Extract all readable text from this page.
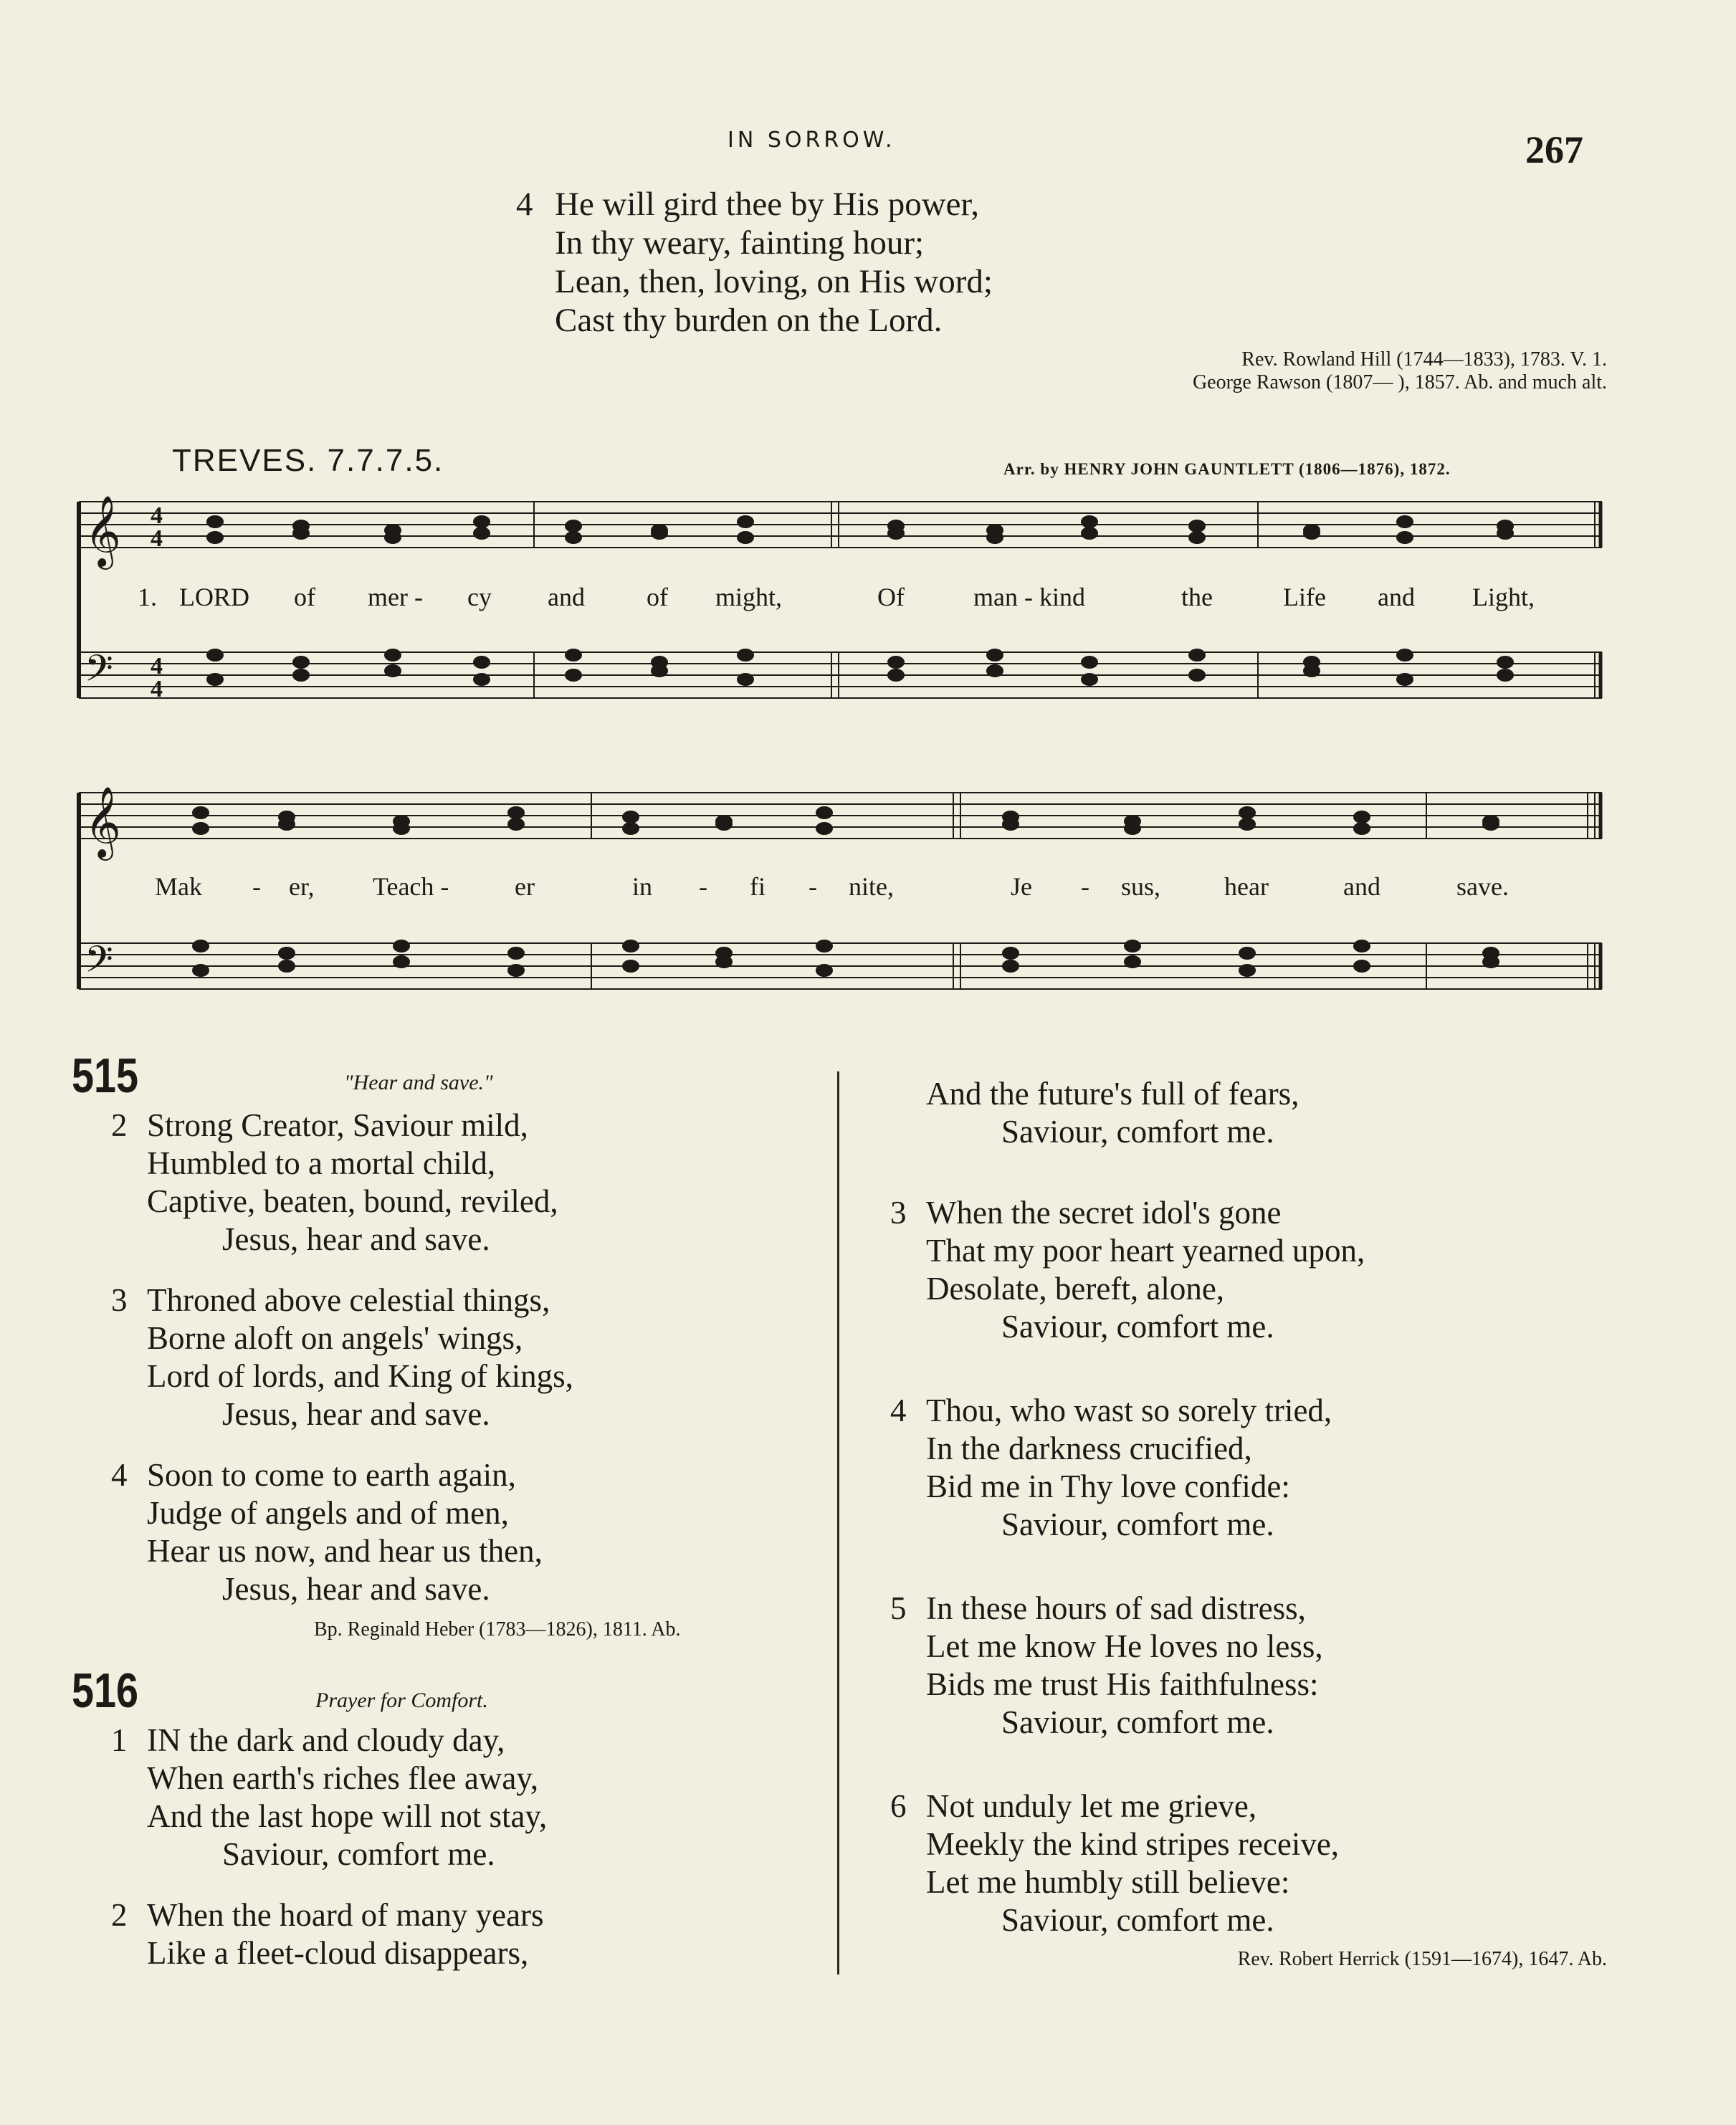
IN SORROW.	267
4 He will gird thee by His power,
In thy weary, fainting hour;
Lean, then, loving, on His word;
Cast thy burden on the Lord.
Rev. Rowland Hill (1744—1833), 1783. V. 1.
George Rawson (1807— ), 1857. Ab. and much alt.
TREVES. 7.7.7.5.	Arr. by HENRY JOHN GAUNTLETT (1806—1876), 1872.
𝄞
𝄢
𝄞
𝄢
4
4
4
4
1. LORD of mer - cy and of might,	Of	man - kind	the	Life and Light,
Mak - er, Teach -	er	in - fi - nite,	Je - sus, hear	and	save.
515	"Hear and save."
2 Strong Creator, Saviour mild,
Humbled to a mortal child,
Captive, beaten, bound, reviled,
Jesus, hear and save.
3 Throned above celestial things,
Borne aloft on angels' wings,
Lord of lords, and King of kings,
Jesus, hear and save.
4 Soon to come to earth again,
Judge of angels and of men,
Hear us now, and hear us then,
Jesus, hear and save.
Bp. Reginald Heber (1783—1826), 1811. Ab.
516	Prayer for Comfort.
1 IN the dark and cloudy day,
When earth's riches flee away,
And the last hope will not stay,
Saviour, comfort me.
2 When the hoard of many years
Like a fleet-cloud disappears,
And the future's full of fears,
Saviour, comfort me.
3 When the secret idol's gone
That my poor heart yearned upon,
Desolate, bereft, alone,
Saviour, comfort me.
4 Thou, who wast so sorely tried,
In the darkness crucified,
Bid me in Thy love confide:
Saviour, comfort me.
5 In these hours of sad distress,
Let me know He loves no less,
Bids me trust His faithfulness:
Saviour, comfort me.
6 Not unduly let me grieve,
Meekly the kind stripes receive,
Let me humbly still believe:
Saviour, comfort me.
Rev. Robert Herrick (1591—1674), 1647. Ab.
